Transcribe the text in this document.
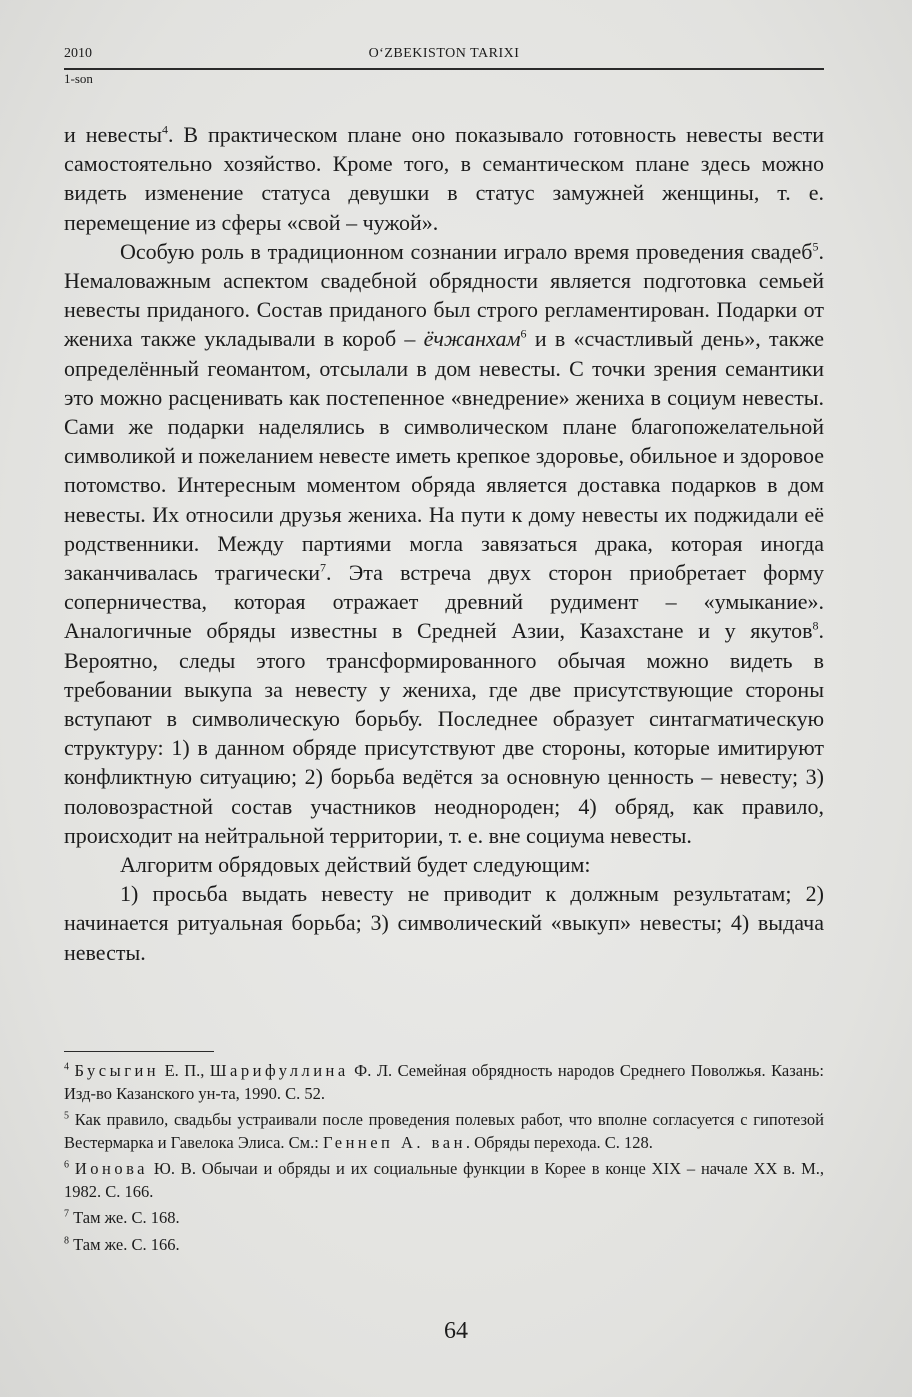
2010	O‘ZBEKISTON TARIXI
1-son

и невесты$^4$. В практическом плане оно показывало готовность невесты вести самостоятельно хозяйство. Кроме того, в семантическом плане здесь можно видеть изменение статуса девушки в статус замужней женщины, т. е. перемещение из сферы «свой – чужой».

Особую роль в традиционном сознании играло время проведения свадеб$^5$. Немаловажным аспектом свадебной обрядности является подготовка семьей невесты приданого. Состав приданого был строго регламентирован. Подарки от жениха также укладывали в короб – ёчжанхам$^6$ и в «счастливый день», также определённый геомантом, отсылали в дом невесты. С точки зрения семантики это можно расценивать как постепенное «внедрение» жениха в социум невесты. Сами же подарки наделялись в символическом плане благопожелательной символикой и пожеланием невесте иметь крепкое здоровье, обильное и здоровое потомство. Интересным моментом обряда является доставка подарков в дом невесты. Их относили друзья жениха. На пути к дому невесты их поджидали её родственники. Между партиями могла завязаться драка, которая иногда заканчивалась трагически$^7$. Эта встреча двух сторон приобретает форму соперничества, которая отражает древний рудимент – «умыкание». Аналогичные обряды известны в Средней Азии, Казахстане и у якутов$^8$. Вероятно, следы этого трансформированного обычая можно видеть в требовании выкупа за невесту у жениха, где две присутствующие стороны вступают в символическую борьбу. Последнее образует синтагматическую структуру: 1) в данном обряде присутствуют две стороны, которые имитируют конфликтную ситуацию; 2) борьба ведётся за основную ценность – невесту; 3) половозрастной состав участников неоднороден; 4) обряд, как правило, происходит на нейтральной территории, т. е. вне социума невесты.

Алгоритм обрядовых действий будет следующим:

1) просьба выдать невесту не приводит к должным результатам; 2) начинается ритуальная борьба; 3) символический «выкуп» невесты; 4) выдача невесты.

$^4$ Бусыгин Е. П., Шарифуллина Ф. Л. Семейная обрядность народов Среднего Поволжья. Казань: Изд-во Казанского ун-та, 1990. С. 52.

$^5$ Как правило, свадьбы устраивали после проведения полевых работ, что вполне согласуется с гипотезой Вестермарка и Гавелока Элиса. См.: Геннеп А. ван. Обряды перехода. С. 128.

$^6$ Ионова Ю. В. Обычаи и обряды и их социальные функции в Корее в конце XIX – начале XX в. М., 1982. С. 166.

$^7$ Там же. С. 168.

$^8$ Там же. С. 166.

64
